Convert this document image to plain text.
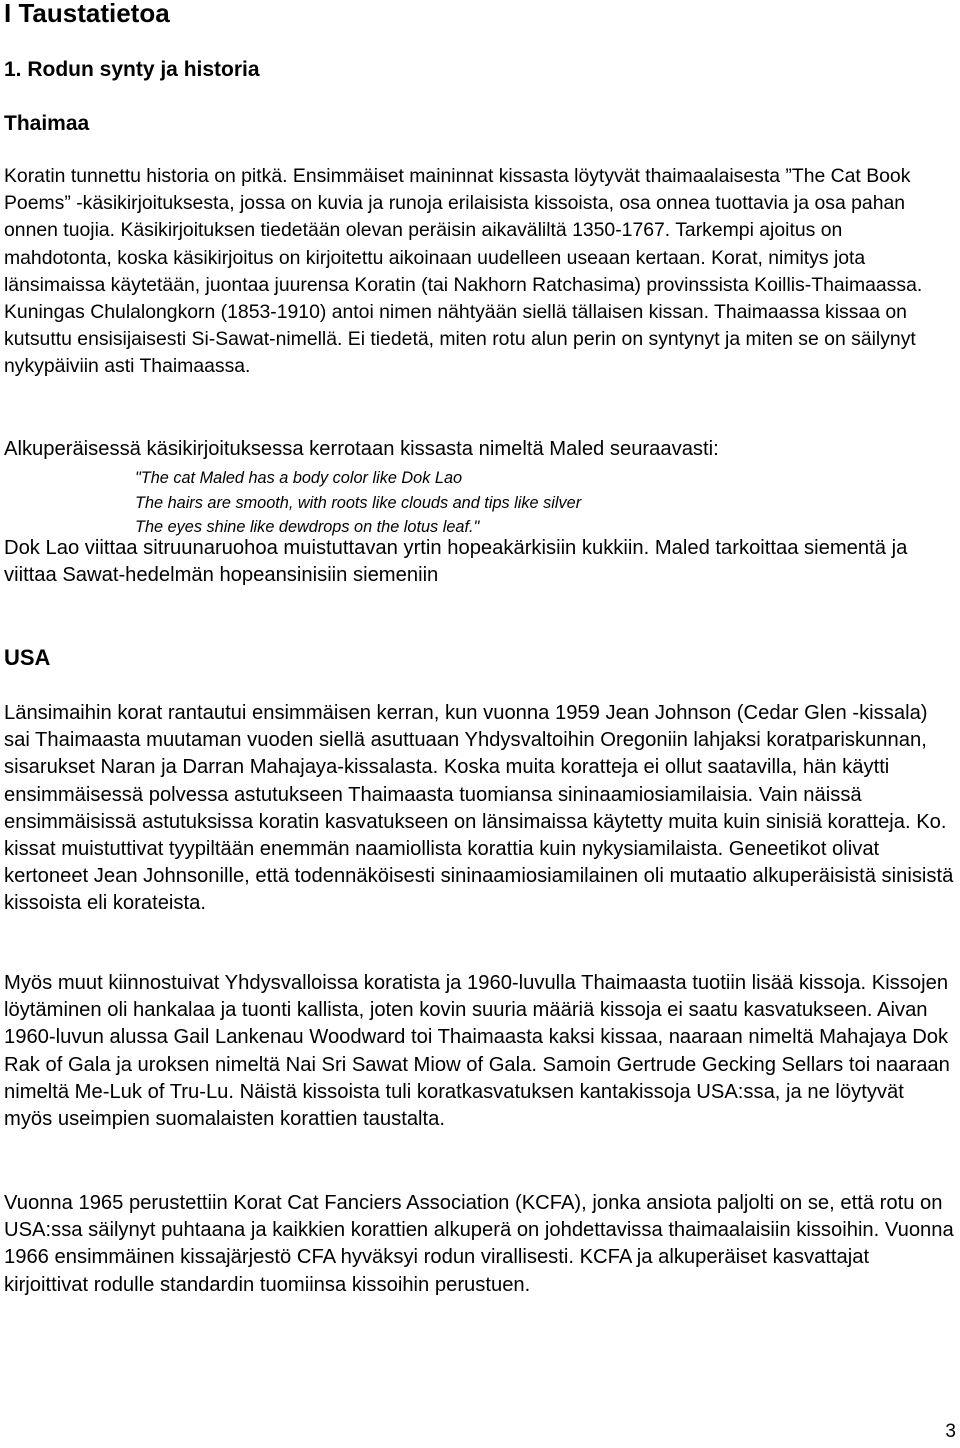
I Taustatietoa
1. Rodun synty ja historia
Thaimaa

Koratin tunnettu historia on pitkä. Ensimmäiset maininnat kissasta löytyvät thaimaalaisesta ”The Cat Book Poems” -käsikirjoituksesta, jossa on kuvia ja runoja erilaisista kissoista, osa onnea tuottavia ja osa pahan onnen tuojia. Käsikirjoituksen tiedetään olevan peräisin aikaväliltä 1350-1767. Tarkempi ajoitus on mahdotonta, koska käsikirjoitus on kirjoitettu aikoinaan uudelleen useaan kertaan. Korat, nimitys jota länsimaissa käytetään, juontaa juurensa Koratin (tai Nakhorn Ratchasima) provinssista Koillis-Thaimaassa. Kuningas Chulalongkorn (1853-1910) antoi nimen nähtyään siellä tällaisen kissan. Thaimaassa kissaa on kutsuttu ensisijaisesti Si-Sawat-nimellä. Ei tiedetä, miten rotu alun perin on syntynyt ja miten se on säilynyt nykypäiviin asti Thaimaassa.

Alkuperäisessä käsikirjoituksessa kerrotaan kissasta nimeltä Maled seuraavasti:

"The cat Maled has a body color like Dok Lao
The hairs are smooth, with roots like clouds and tips like silver
The eyes shine like dewdrops on the lotus leaf."

Dok Lao viittaa sitruunaruohoa muistuttavan yrtin hopeakärkisiin kukkiin. Maled tarkoittaa siementä ja viittaa Sawat-hedelmän hopeansinisiin siemeniin

USA

Länsimaihin korat rantautui ensimmäisen kerran, kun vuonna 1959 Jean Johnson (Cedar Glen -kissala) sai Thaimaasta muutaman vuoden siellä asuttuaan Yhdysvaltoihin Oregoniin lahjaksi koratpariskunnan, sisarukset Naran ja Darran Mahajaya-kissalasta. Koska muita koratteja ei ollut saatavilla, hän käytti ensimmäisessä polvessa astutukseen Thaimaasta tuomiansa sininaamiosiamilaisia. Vain näissä ensimmäisissä astutuksissa koratin kasvatukseen on länsimaissa käytetty muita kuin sinisiä koratteja. Ko. kissat muistuttivat tyypiltään enemmän naamiollista korattia kuin nykysiamilaista. Geneetikot olivat kertoneet Jean Johnsonille, että todennäköisesti sininaamiosiamilainen oli mutaatio alkuperäisistä sinisistä kissoista eli korateista.

Myös muut kiinnostuivat Yhdysvalloissa koratista ja 1960-luvulla Thaimaasta tuotiin lisää kissoja. Kissojen löytäminen oli hankalaa ja tuonti kallista, joten kovin suuria määriä kissoja ei saatu kasvatukseen. Aivan 1960-luvun alussa Gail Lankenau Woodward toi Thaimaasta kaksi kissaa, naaraan nimeltä Mahajaya Dok Rak of Gala ja uroksen nimeltä Nai Sri Sawat Miow of Gala. Samoin Gertrude Gecking Sellars toi naaraan nimeltä Me-Luk of Tru-Lu. Näistä kissoista tuli koratkasvatuksen kantakissoja USA:ssa, ja ne löytyvät myös useimpien suomalaisten korattien taustalta.

Vuonna 1965 perustettiin Korat Cat Fanciers Association (KCFA), jonka ansiota paljolti on se, että rotu on USA:ssa säilynyt puhtaana ja kaikkien korattien alkuperä on johdettavissa thaimaalaisiin kissoihin. Vuonna 1966 ensimmäinen kissajärjestö CFA hyväksyi rodun virallisesti. KCFA ja alkuperäiset kasvattajat kirjoittivat rodulle standardin tuomiinsa kissoihin perustuen.

3
